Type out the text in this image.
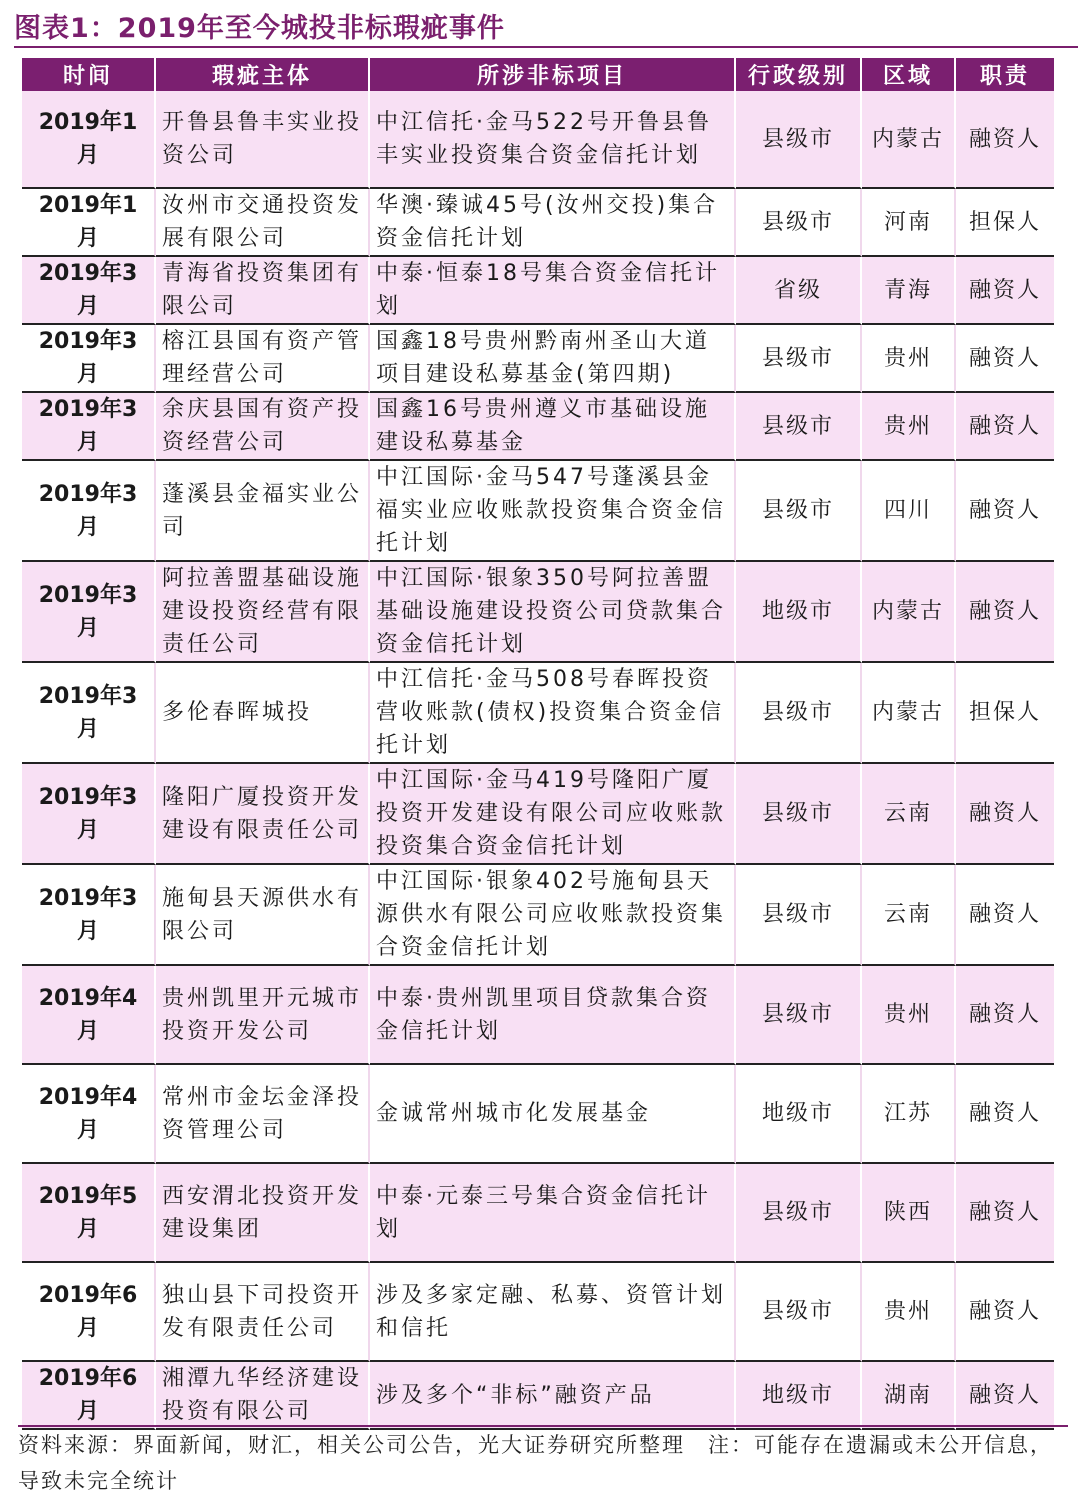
图表1：2019年至今城投非标瑕疵事件
时间	瑕疵主体	所涉非标项目	行政级别	区域	职责
2019年1月	开鲁县鲁丰实业投资公司	中江信托·金马522号开鲁县鲁丰实业投资集合资金信托计划	县级市	内蒙古	融资人
2019年1月	汝州市交通投资发展有限公司	华澳·臻诚45号(汝州交投)集合资金信托计划	县级市	河南	担保人
2019年3月	青海省投资集团有限公司	中泰·恒泰18号集合资金信托计划	省级	青海	融资人
2019年3月	榕江县国有资产管理经营公司	国鑫18号贵州黔南州圣山大道项目建设私募基金(第四期)	县级市	贵州	融资人
2019年3月	余庆县国有资产投资经营公司	国鑫16号贵州遵义市基础设施建设私募基金	县级市	贵州	融资人
2019年3月	蓬溪县金福实业公司	中江国际·金马547号蓬溪县金福实业应收账款投资集合资金信托计划	县级市	四川	融资人
2019年3月	阿拉善盟基础设施建设投资经营有限责任公司	中江国际·银象350号阿拉善盟基础设施建设投资公司贷款集合资金信托计划	地级市	内蒙古	融资人
2019年3月	多伦春晖城投	中江信托·金马508号春晖投资营收账款(债权)投资集合资金信托计划	县级市	内蒙古	担保人
2019年3月	隆阳广厦投资开发建设有限责任公司	中江国际·金马419号隆阳广厦投资开发建设有限公司应收账款投资集合资金信托计划	县级市	云南	融资人
2019年3月	施甸县天源供水有限公司	中江国际·银象402号施甸县天源供水有限公司应收账款投资集合资金信托计划	县级市	云南	融资人
2019年4月	贵州凯里开元城市投资开发公司	中泰·贵州凯里项目贷款集合资金信托计划	县级市	贵州	融资人
2019年4月	常州市金坛金泽投资管理公司	金诚常州城市化发展基金	地级市	江苏	融资人
2019年5月	西安渭北投资开发建设集团	中泰·元泰三号集合资金信托计划	县级市	陕西	融资人
2019年6月	独山县下司投资开发有限责任公司	涉及多家定融、私募、资管计划和信托	县级市	贵州	融资人
2019年6月	湘潭九华经济建设投资有限公司	涉及多个“非标”融资产品	地级市	湖南	融资人
资料来源：界面新闻，财汇，相关公司公告，光大证券研究所整理　注：可能存在遗漏或未公开信息，导致未完全统计
